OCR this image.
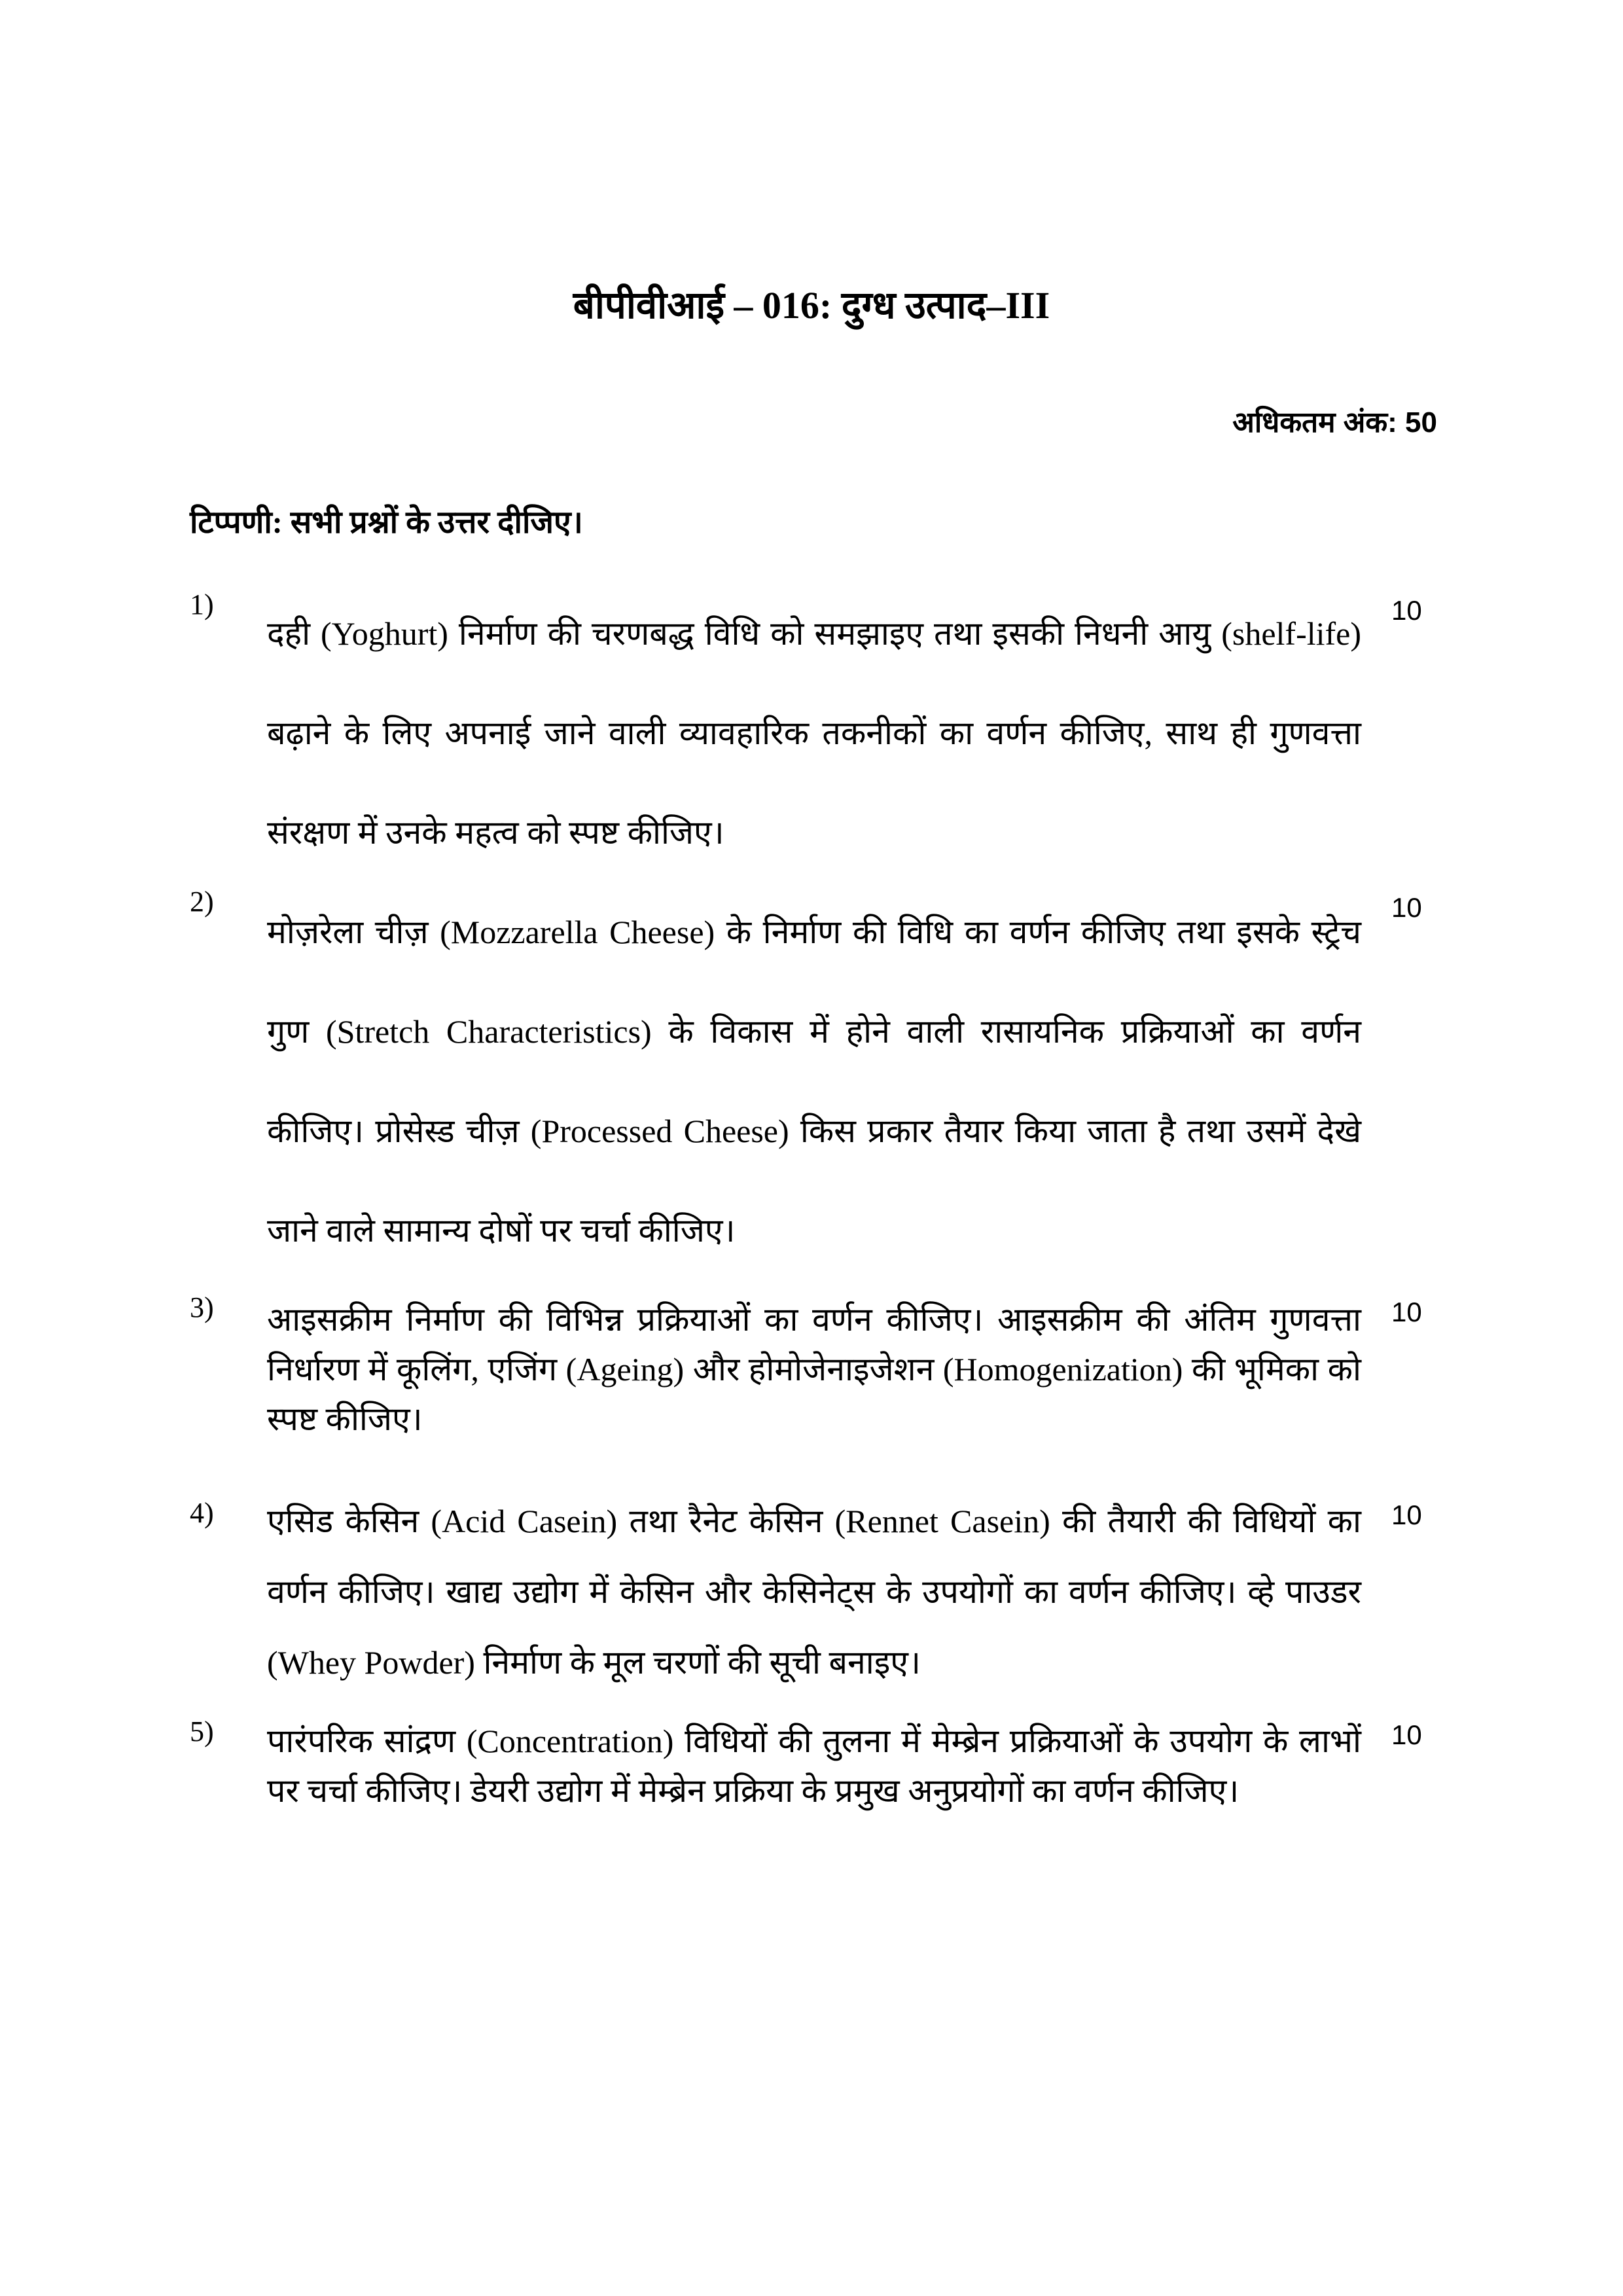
बीपीवीआई – 016: दुग्ध उत्पाद–III
अधिकतम अंक: 50
टिप्पणी: सभी प्रश्नों के उत्तर दीजिए।
1)
दही (Yoghurt) निर्माण की चरणबद्ध विधि को समझाइए तथा इसकी निधनी आयु (shelf-life) बढ़ाने के लिए अपनाई जाने वाली व्यावहारिक तकनीकों का वर्णन कीजिए, साथ ही गुणवत्ता संरक्षण में उनके महत्व को स्पष्ट कीजिए।
10
2)
मोज़रेला चीज़ (Mozzarella Cheese) के निर्माण की विधि का वर्णन कीजिए तथा इसके स्ट्रेच गुण (Stretch Characteristics) के विकास में होने वाली रासायनिक प्रक्रियाओं का वर्णन कीजिए। प्रोसेस्ड चीज़ (Processed Cheese) किस प्रकार तैयार किया जाता है तथा उसमें देखे जाने वाले सामान्य दोषों पर चर्चा कीजिए।
10
3) आइसक्रीम निर्माण की विभिन्न प्रक्रियाओं का वर्णन कीजिए। आइसक्रीम की अंतिम गुणवत्ता निर्धारण में कूलिंग, एजिंग (Ageing) और होमोजेनाइजेशन (Homogenization) की भूमिका को स्पष्ट कीजिए।
10
4) एसिड केसिन (Acid Casein) तथा रैनेट केसिन (Rennet Casein) की तैयारी की विधियों का वर्णन कीजिए। खाद्य उद्योग में केसिन और केसिनेट्स के उपयोगों का वर्णन कीजिए। व्हे पाउडर (Whey Powder) निर्माण के मूल चरणों की सूची बनाइए।
10
5) पारंपरिक सांद्रण (Concentration) विधियों की तुलना में मेम्ब्रेन प्रक्रियाओं के उपयोग के लाभों पर चर्चा कीजिए। डेयरी उद्योग में मेम्ब्रेन प्रक्रिया के प्रमुख अनुप्रयोगों का वर्णन कीजिए।
10
